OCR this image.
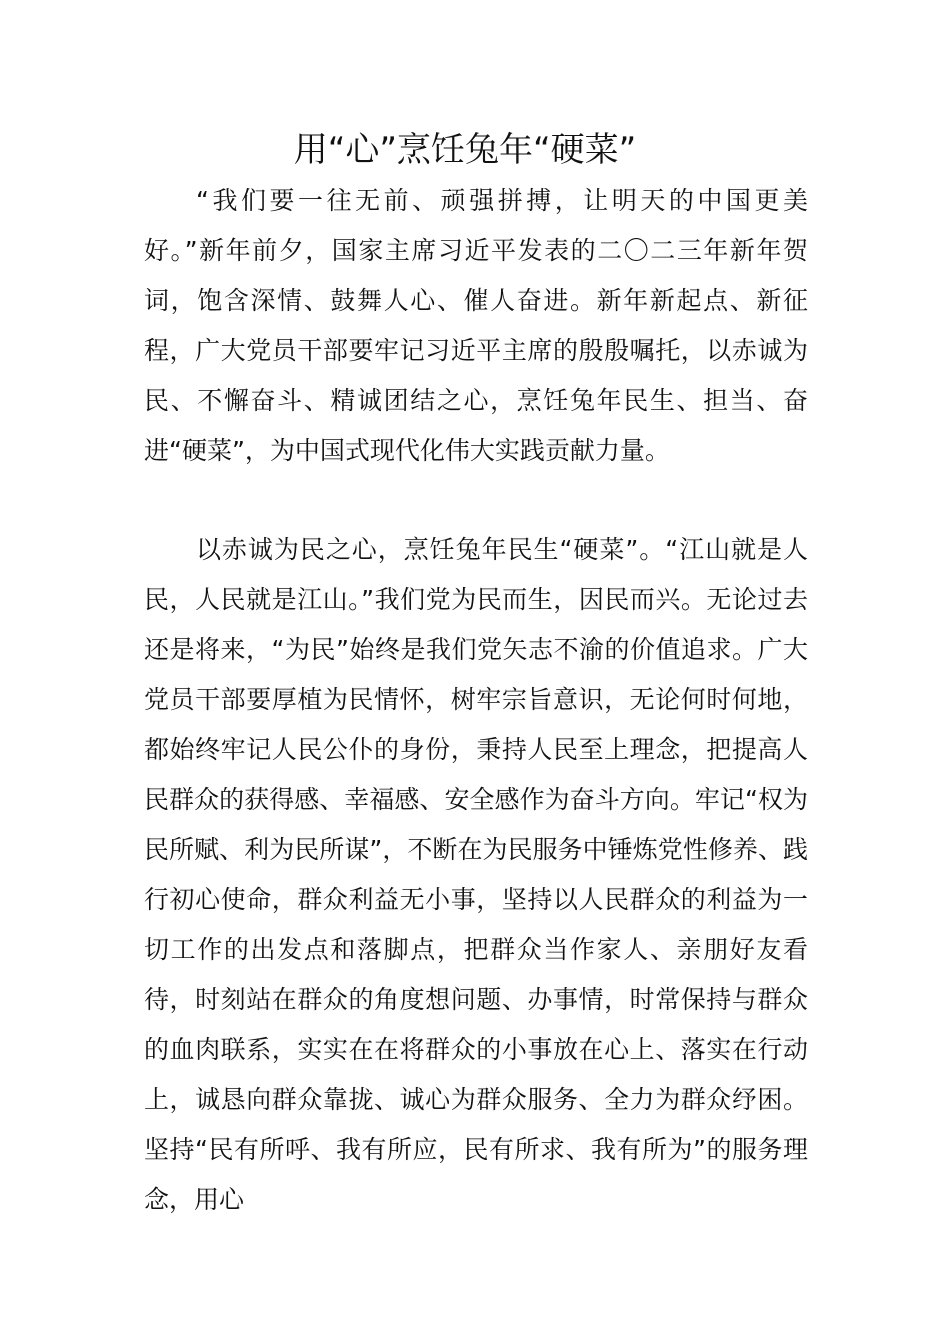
用“心”烹饪兔年“硬菜”

“我们要一往无前、顽强拼搏，让明天的中国更美好。”新年前夕，国家主席习近平发表的二〇二三年新年贺词，饱含深情、鼓舞人心、催人奋进。新年新起点、新征程，广大党员干部要牢记习近平主席的殷殷嘱托，以赤诚为民、不懈奋斗、精诚团结之心，烹饪兔年民生、担当、奋进“硬菜”，为中国式现代化伟大实践贡献力量。

以赤诚为民之心，烹饪兔年民生“硬菜”。“江山就是人民，人民就是江山。”我们党为民而生，因民而兴。无论过去还是将来，“为民”始终是我们党矢志不渝的价值追求。广大党员干部要厚植为民情怀，树牢宗旨意识，无论何时何地，都始终牢记人民公仆的身份，秉持人民至上理念，把提高人民群众的获得感、幸福感、安全感作为奋斗方向。牢记“权为民所赋、利为民所谋”，不断在为民服务中锤炼党性修养、践行初心使命，群众利益无小事，坚持以人民群众的利益为一切工作的出发点和落脚点，把群众当作家人、亲朋好友看待，时刻站在群众的角度想问题、办事情，时常保持与群众的血肉联系，实实在在将群众的小事放在心上、落实在行动上，诚恳向群众靠拢、诚心为群众服务、全力为群众纾困。坚持“民有所呼、我有所应，民有所求、我有所为”的服务理念，用心
